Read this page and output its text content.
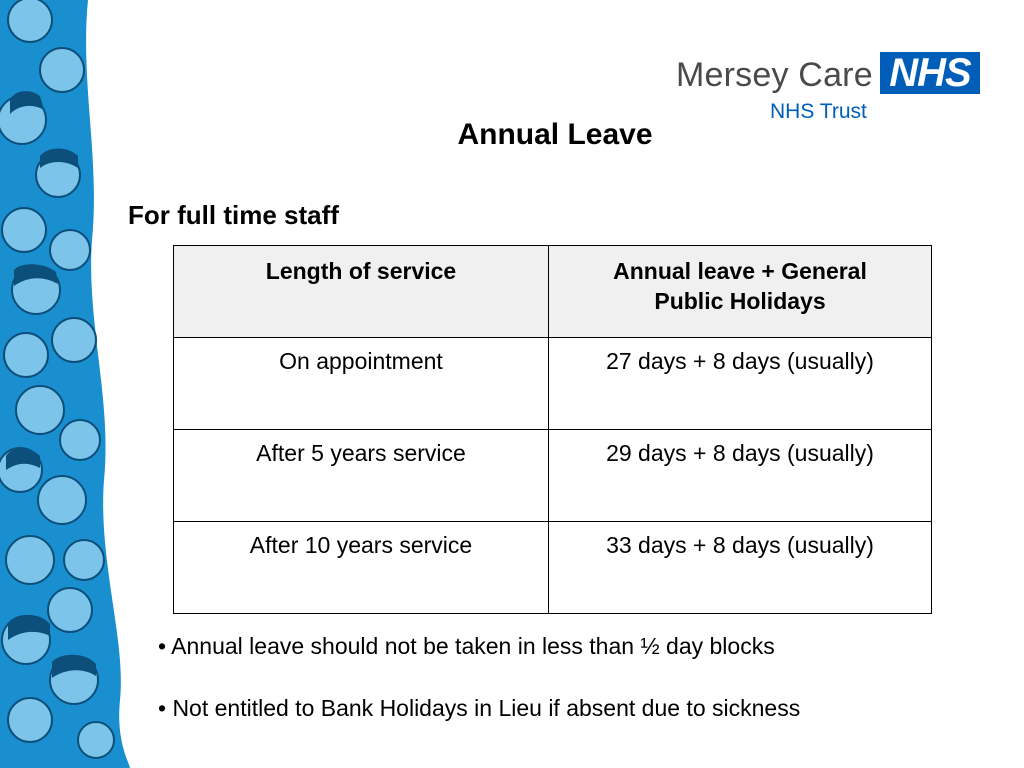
Mersey Care NHS
NHS Trust
Annual Leave
For full time staff
Length of service	Annual leave + General Public Holidays
On appointment	27 days + 8 days (usually)
After 5 years service	29 days + 8 days (usually)
After 10 years service	33 days + 8 days (usually)
• Annual leave should not be taken in less than ½ day blocks
• Not entitled to Bank Holidays in Lieu if absent due to sickness
